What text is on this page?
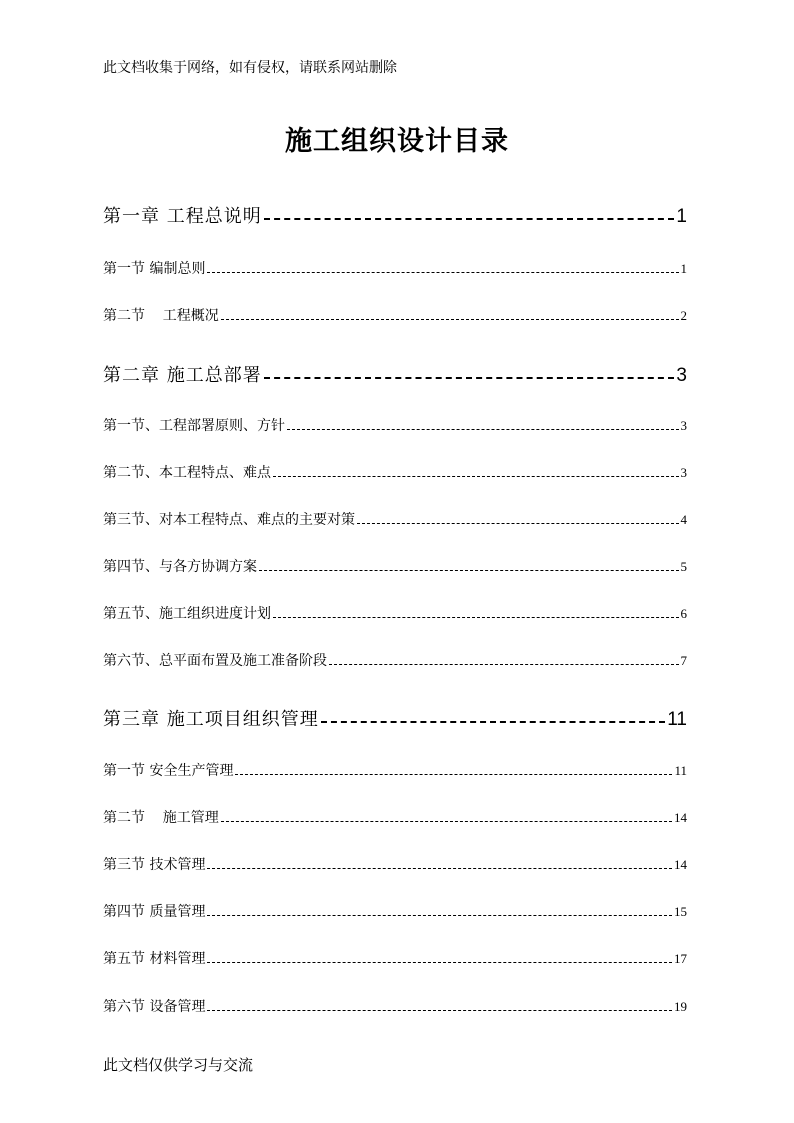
此文档收集于网络，如有侵权，请联系网站删除
施工组织设计目录
第一章 工程总说明	1
第一节 编制总则	1
第二节    工程概况	2
第二章 施工总部署	3
第一节、工程部署原则、方针	3
第二节、本工程特点、难点	3
第三节、对本工程特点、难点的主要对策	4
第四节、与各方协调方案	5
第五节、施工组织进度计划	6
第六节、总平面布置及施工准备阶段	7
第三章 施工项目组织管理	11
第一节 安全生产管理	11
第二节    施工管理	14
第三节 技术管理	14
第四节 质量管理	15
第五节 材料管理	17
第六节 设备管理	19
此文档仅供学习与交流
